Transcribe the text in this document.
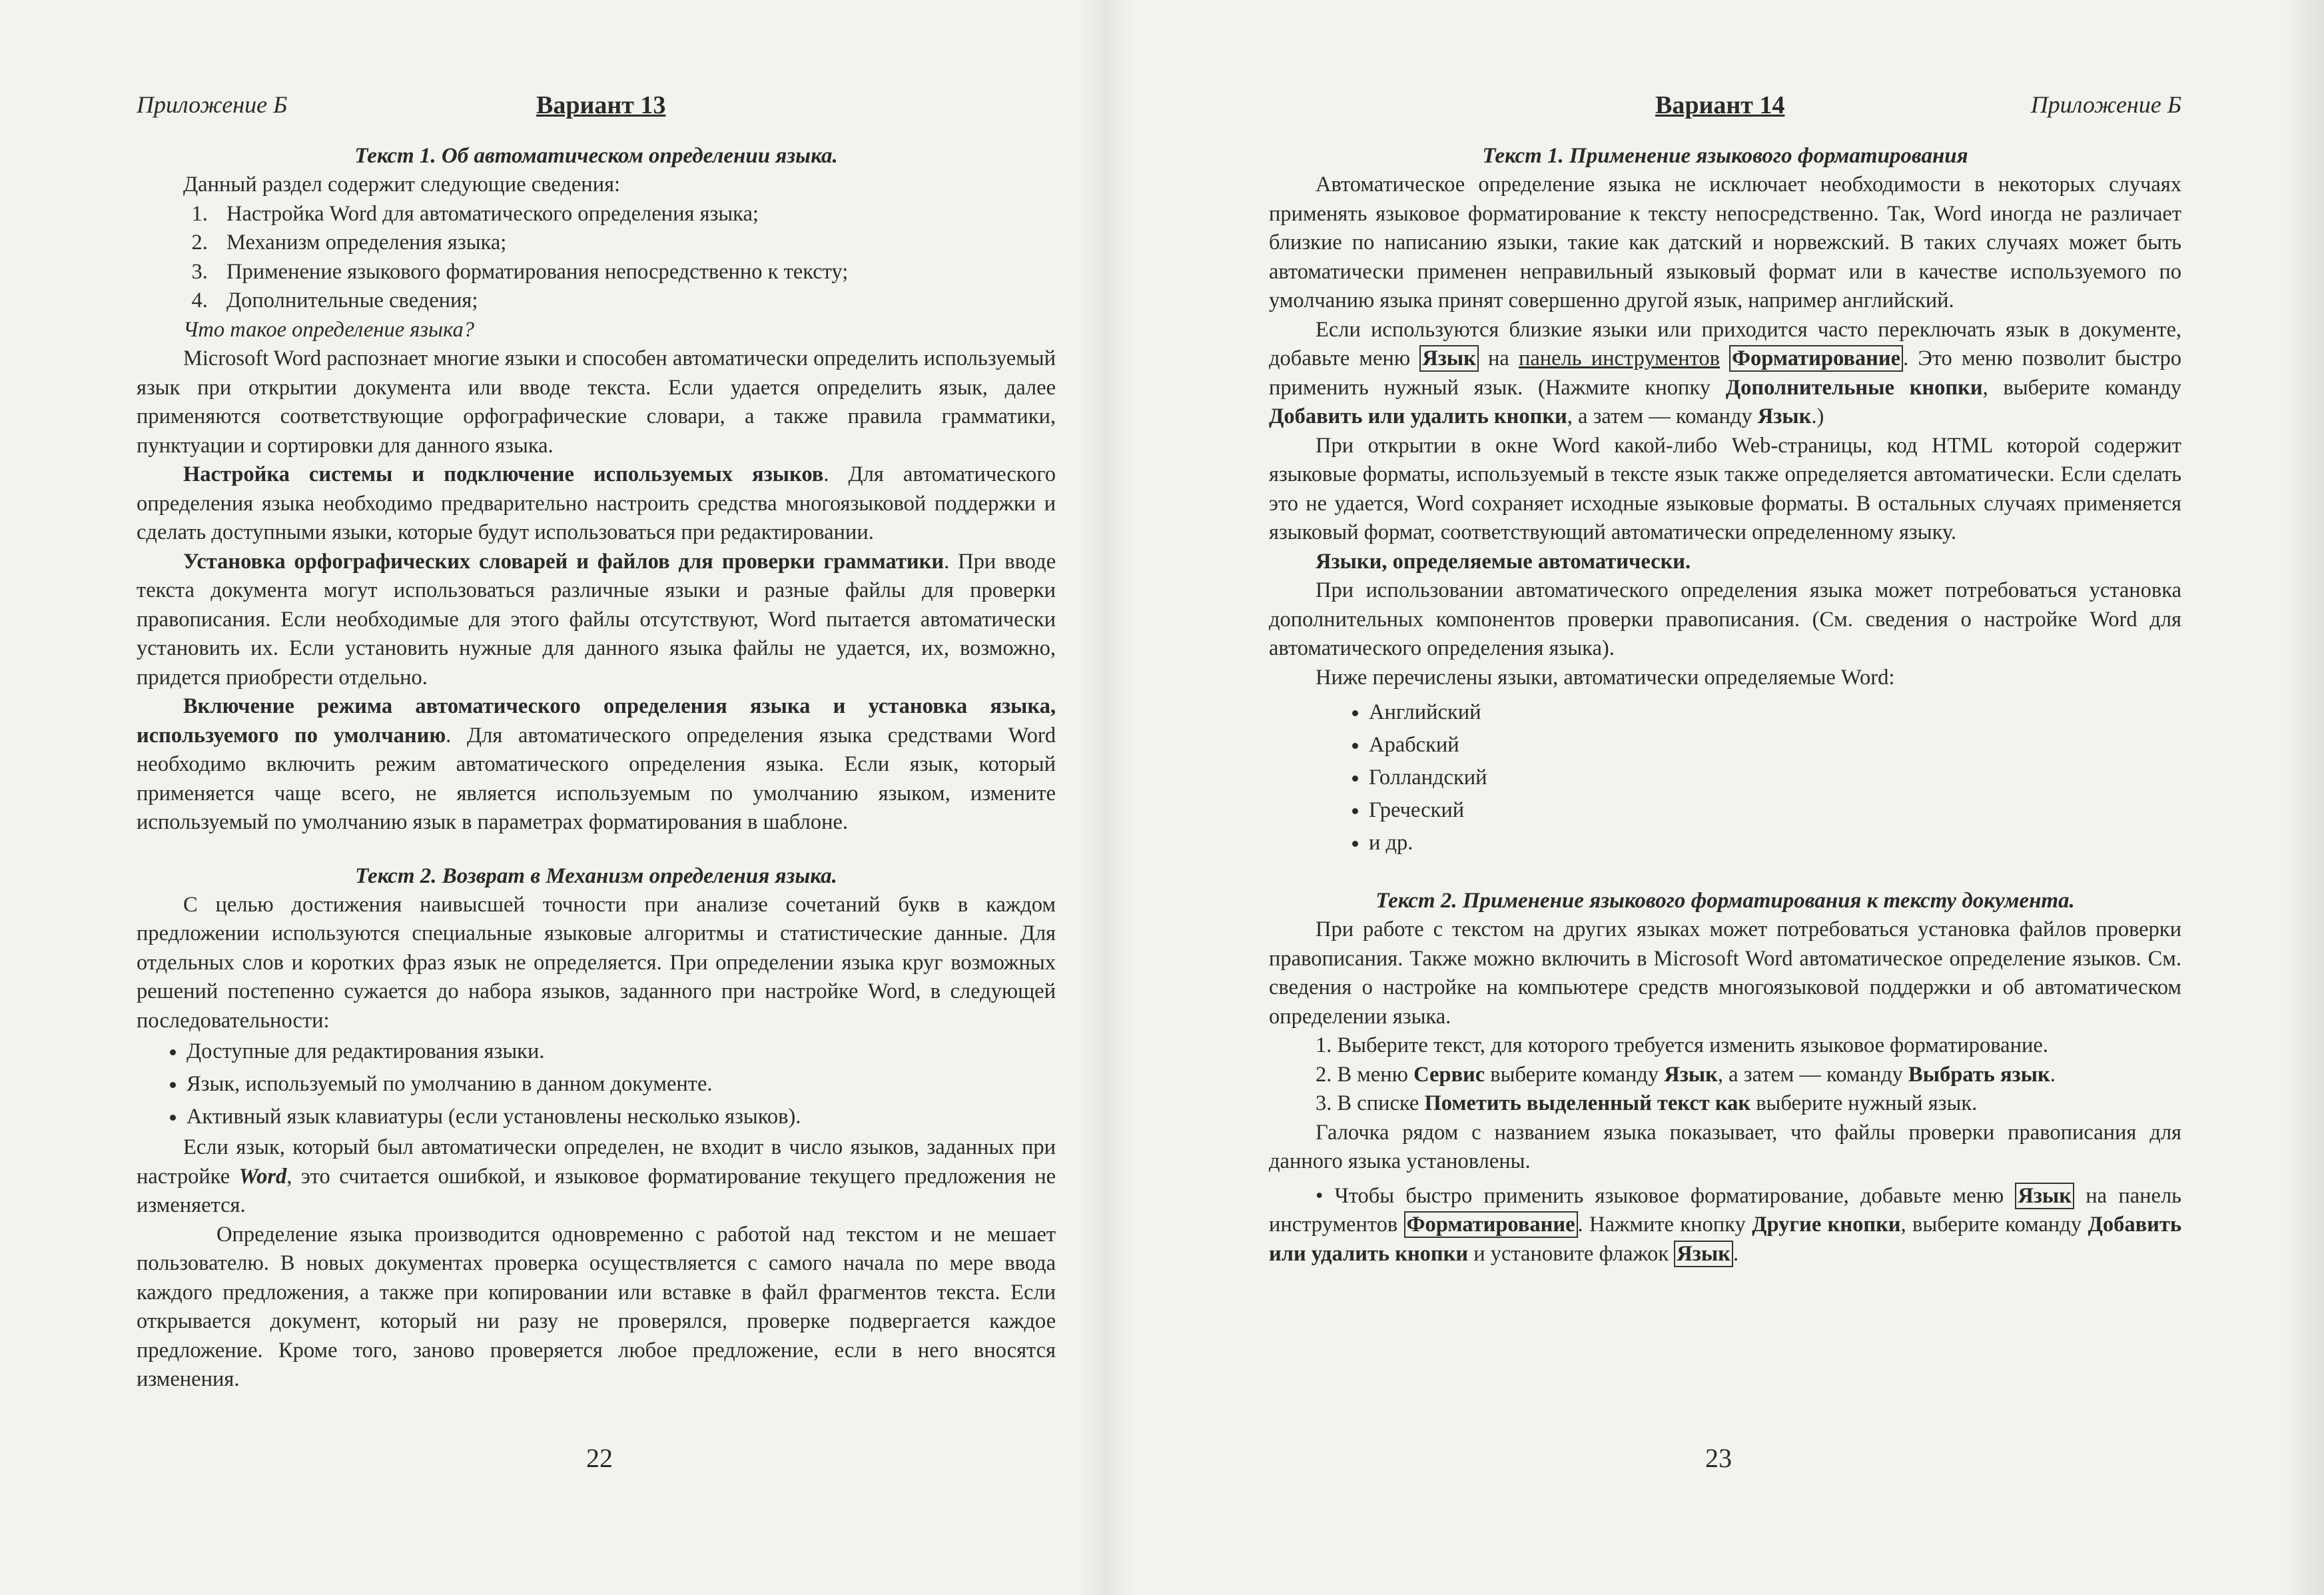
Приложение Б	Вариант 13

Текст 1. Об автоматическом определении языка.

Данный раздел содержит следующие сведения:

1. Настройка Word для автоматического определения языка;
2. Механизм определения языка;
3. Применение языкового форматирования непосредственно к тексту;
4. Дополнительные сведения;

Что такое определение языка?

Microsoft Word распознает многие языки и способен автоматически определить используемый язык при открытии документа или вводе текста. Если удается определить язык, далее применяются соответствующие орфографические словари, а также правила грамматики, пунктуации и сортировки для данного языка.

Настройка системы и подключение используемых языков. Для автоматического определения языка необходимо предварительно настроить средства многоязыковой поддержки и сделать доступными языки, которые будут использоваться при редактировании.

Установка орфографических словарей и файлов для проверки грамматики. При вводе текста документа могут использоваться различные языки и разные файлы для проверки правописания. Если необходимые для этого файлы отсутствуют, Word пытается автоматически установить их. Если установить нужные для данного языка файлы не удается, их, возможно, придется приобрести отдельно.

Включение режима автоматического определения языка и установка языка, используемого по умолчанию. Для автоматического определения языка средствами Word необходимо включить режим автоматического определения языка. Если язык, который применяется чаще всего, не является используемым по умолчанию языком, измените используемый по умолчанию язык в параметрах форматирования в шаблоне.

Текст 2. Возврат в Механизм определения языка.

С целью достижения наивысшей точности при анализе сочетаний букв в каждом предложении используются специальные языковые алгоритмы и статистические данные. Для отдельных слов и коротких фраз язык не определяется. При определении языка круг возможных решений постепенно сужается до набора языков, заданного при настройке Word, в следующей последовательности:

• Доступные для редактирования языки.
• Язык, используемый по умолчанию в данном документе.
• Активный язык клавиатуры (если установлены несколько языков).

Если язык, который был автоматически определен, не входит в число языков, заданных при настройке Word, это считается ошибкой, и языковое форматирование текущего предложения не изменяется.

Определение языка производится одновременно с работой над текстом и не мешает пользователю. В новых документах проверка осуществляется с самого начала по мере ввода каждого предложения, а также при копировании или вставке в файл фрагментов текста. Если открывается документ, который ни разу не проверялся, проверке подвергается каждое предложение. Кроме того, заново проверяется любое предложение, если в него вносятся изменения.

Вариант 14	Приложение Б

Текст 1. Применение языкового форматирования

Автоматическое определение языка не исключает необходимости в некоторых случаях применять языковое форматирование к тексту непосредственно. Так, Word иногда не различает близкие по написанию языки, такие как датский и норвежский. В таких случаях может быть автоматически применен неправильный языковый формат или в качестве используемого по умолчанию языка принят совершенно другой язык, например английский.

Если используются близкие языки или приходится часто переключать язык в документе, добавьте меню Язык на панель инструментов Форматирование . Это меню позволит быстро применить нужный язык. (Нажмите кнопку Дополнительные кнопки, выберите команду Добавить или удалить кнопки, а затем — команду Язык.)

При открытии в окне Word какой-либо Web-страницы, код HTML которой содержит языковые форматы, используемый в тексте язык также определяется автоматически. Если сделать это не удается, Word сохраняет исходные языковые форматы. В остальных случаях применяется языковый формат, соответствующий автоматически определенному языку.

Языки, определяемые автоматически.

При использовании автоматического определения языка может потребоваться установка дополнительных компонентов проверки правописания. (См. сведения о настройке Word для автоматического определения языка).

Ниже перечислены языки, автоматически определяемые Word:

• Английский
• Арабский
• Голландский
• Греческий
• и др.

Текст 2. Применение языкового форматирования к тексту документа.

При работе с текстом на других языках может потребоваться установка файлов проверки правописания. Также можно включить в Microsoft Word автоматическое определение языков. См. сведения о настройке на компьютере средств многоязыковой поддержки и об автоматическом определении языка.

1. Выберите текст, для которого требуется изменить языковое форматирование.

2. В меню Сервис выберите команду Язык, а затем — команду Выбрать язык.

3. В списке Пометить выделенный текст как выберите нужный язык.

Галочка рядом с названием языка показывает, что файлы проверки правописания для данного языка установлены.

• Чтобы быстро применить языковое форматирование, добавьте меню Язык на панель инструментов Форматирование . Нажмите кнопку Другие кнопки, выберите команду Добавить или удалить кнопки и установите флажок Язык .

22	23
